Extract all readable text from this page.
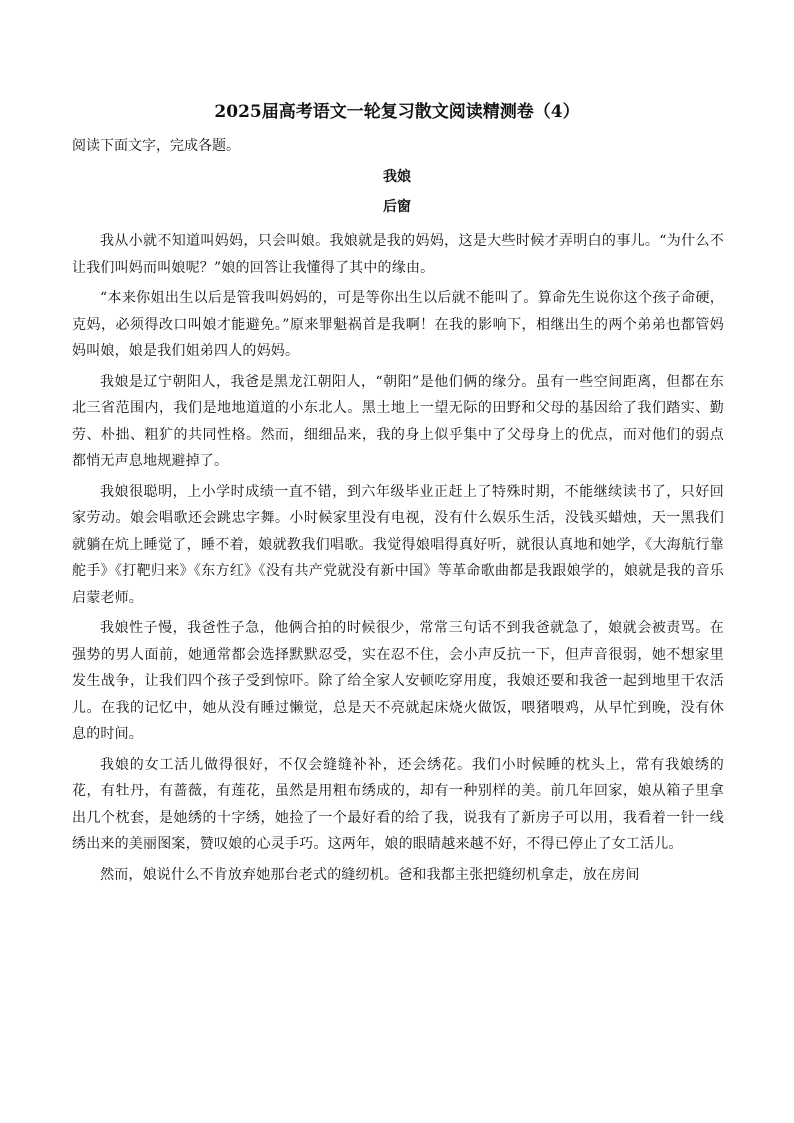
2025届高考语文一轮复习散文阅读精测卷（4）
阅读下面文字，完成各题。
我娘
后窗

我从小就不知道叫妈妈，只会叫娘。我娘就是我的妈妈，这是大些时候才弄明白的事儿。“为什么不让我们叫妈而叫娘呢？”娘的回答让我懂得了其中的缘由。

“本来你姐出生以后是管我叫妈妈的，可是等你出生以后就不能叫了。算命先生说你这个孩子命硬，克妈，必须得改口叫娘才能避免。”原来罪魁祸首是我啊！在我的影响下，相继出生的两个弟弟也都管妈妈叫娘，娘是我们姐弟四人的妈妈。

我娘是辽宁朝阳人，我爸是黑龙江朝阳人，“朝阳”是他们俩的缘分。虽有一些空间距离，但都在东北三省范围内，我们是地地道道的小东北人。黑土地上一望无际的田野和父母的基因给了我们踏实、勤劳、朴拙、粗犷的共同性格。然而，细细品来，我的身上似乎集中了父母身上的优点，而对他们的弱点都悄无声息地规避掉了。

我娘很聪明，上小学时成绩一直不错，到六年级毕业正赶上了特殊时期，不能继续读书了，只好回家劳动。娘会唱歌还会跳忠字舞。小时候家里没有电视，没有什么娱乐生活，没钱买蜡烛，天一黑我们就躺在炕上睡觉了，睡不着，娘就教我们唱歌。我觉得娘唱得真好听，就很认真地和她学，《大海航行靠舵手》《打靶归来》《东方红》《没有共产党就没有新中国》等革命歌曲都是我跟娘学的，娘就是我的音乐启蒙老师。

我娘性子慢，我爸性子急，他俩合拍的时候很少，常常三句话不到我爸就急了，娘就会被责骂。在强势的男人面前，她通常都会选择默默忍受，实在忍不住，会小声反抗一下，但声音很弱，她不想家里发生战争，让我们四个孩子受到惊吓。除了给全家人安顿吃穿用度，我娘还要和我爸一起到地里干农活儿。在我的记忆中，她从没有睡过懒觉，总是天不亮就起床烧火做饭，喂猪喂鸡，从早忙到晚，没有休息的时间。

我娘的女工活儿做得很好，不仅会缝缝补补，还会绣花。我们小时候睡的枕头上，常有我娘绣的花，有牡丹，有蔷薇，有莲花，虽然是用粗布绣成的，却有一种别样的美。前几年回家，娘从箱子里拿出几个枕套，是她绣的十字绣，她捡了一个最好看的给了我，说我有了新房子可以用，我看着一针一线绣出来的美丽图案，赞叹娘的心灵手巧。这两年，娘的眼睛越来越不好，不得已停止了女工活儿。

然而，娘说什么不肯放弃她那台老式的缝纫机。爸和我都主张把缝纫机拿走，放在房间
